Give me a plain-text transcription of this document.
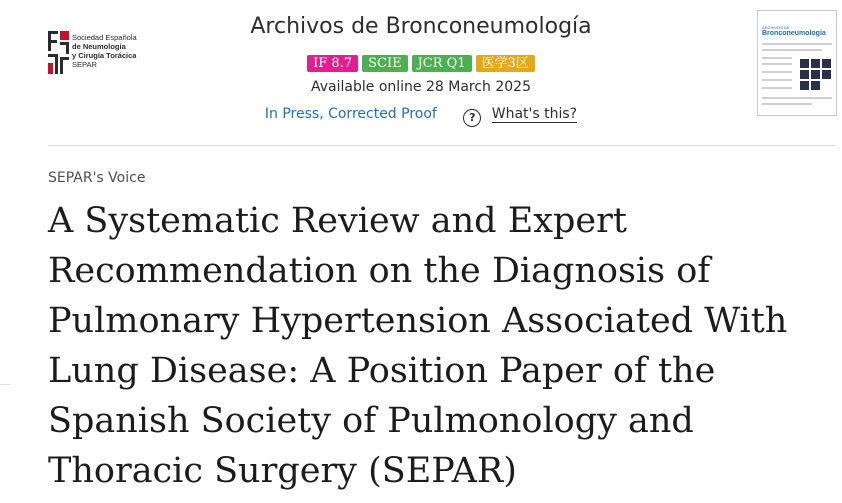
Sociedad Española
de Neumología
y Cirugía Torácica
SEPAR
Archivos de Bronconeumología
IF 8.7 SCIE JCR Q1 医学3区
Available online 28 March 2025
In Press, Corrected Proof	? What's this?
ARCHIVOS DE
Bronconeumología
SEPAR's Voice
A Systematic Review and Expert Recommendation on the Diagnosis of Pulmonary Hypertension Associated With Lung Disease: A Position Paper of the Spanish Society of Pulmonology and Thoracic Surgery (SEPAR)
